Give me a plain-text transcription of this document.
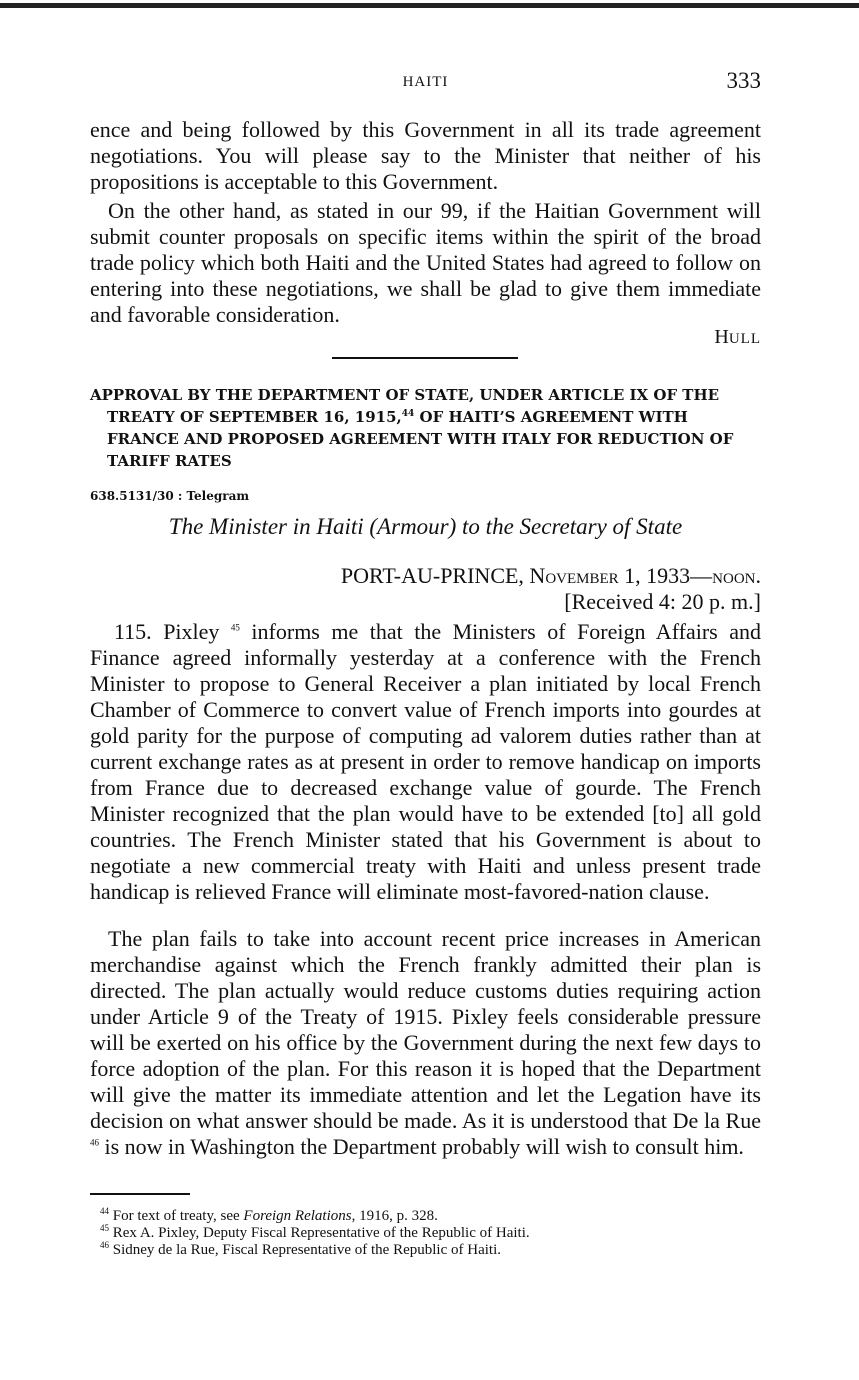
HAITI	333

ence and being followed by this Government in all its trade agreement negotiations. You will please say to the Minister that neither of his propositions is acceptable to this Government.

On the other hand, as stated in our 99, if the Haitian Government will submit counter proposals on specific items within the spirit of the broad trade policy which both Haiti and the United States had agreed to follow on entering into these negotiations, we shall be glad to give them immediate and favorable consideration.

HULL

APPROVAL BY THE DEPARTMENT OF STATE, UNDER ARTICLE IX OF THE TREATY OF SEPTEMBER 16, 1915,44 OF HAITI’S AGREEMENT WITH FRANCE AND PROPOSED AGREEMENT WITH ITALY FOR REDUCTION OF TARIFF RATES

638.5131/30 : Telegram
The Minister in Haiti (Armour) to the Secretary of State
PORT-AU-PRINCE, November 1, 1933—noon.
[Received 4: 20 p. m.]

115. Pixley $^{45}$ informs me that the Ministers of Foreign Affairs and Finance agreed informally yesterday at a conference with the French Minister to propose to General Receiver a plan initiated by local French Chamber of Commerce to convert value of French imports into gourdes at gold parity for the purpose of computing ad valorem duties rather than at current exchange rates as at present in order to remove handicap on imports from France due to decreased exchange value of gourde. The French Minister recognized that the plan would have to be extended [to] all gold countries. The French Minister stated that his Government is about to negotiate a new commercial treaty with Haiti and unless present trade handicap is relieved France will eliminate most-favored-nation clause.

The plan fails to take into account recent price increases in American merchandise against which the French frankly admitted their plan is directed. The plan actually would reduce customs duties requiring action under Article 9 of the Treaty of 1915. Pixley feels considerable pressure will be exerted on his office by the Government during the next few days to force adoption of the plan. For this reason it is hoped that the Department will give the matter its immediate attention and let the Legation have its decision on what answer should be made. As it is understood that De la Rue $^{46}$ is now in Washington the Department probably will wish to consult him.

$^{44}$ For text of treaty, see Foreign Relations, 1916, p. 328.

$^{45}$ Rex A. Pixley, Deputy Fiscal Representative of the Republic of Haiti.

$^{46}$ Sidney de la Rue, Fiscal Representative of the Republic of Haiti.
